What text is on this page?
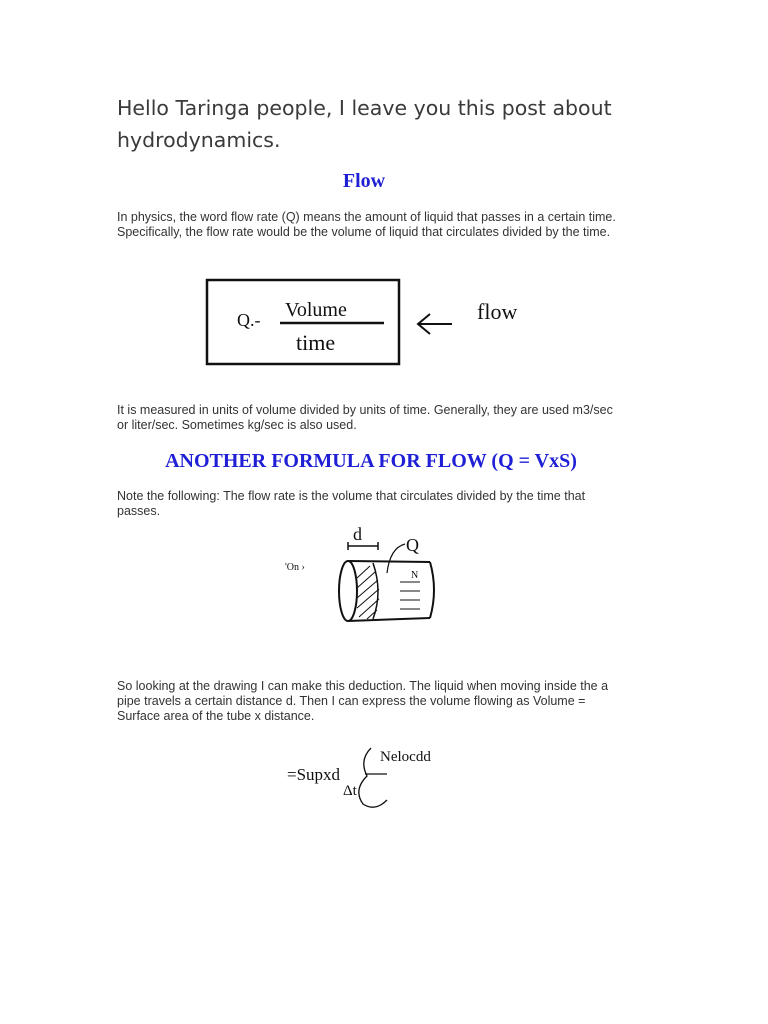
Hello Taringa people, I leave you this post about hydrodynamics.
Flow

In physics, the word flow rate (Q) means the amount of liquid that passes in a certain time. Specifically, the flow rate would be the volume of liquid that circulates divided by the time.

Q.- Volume
time
flow

It is measured in units of volume divided by units of time. Generally, they are used m3/sec or liter/sec. Sometimes kg/sec is also used.

ANOTHER FORMULA FOR FLOW (Q = VxS)

Note the following: The flow rate is the volume that circulates divided by the time that passes.

d
Q
'On ›
N

So looking at the drawing I can make this deduction. The liquid when moving inside the a pipe travels a certain distance d. Then I can express the volume flowing as Volume = Surface area of the tube x distance.

=Supxd
Nelocdd
Δt
